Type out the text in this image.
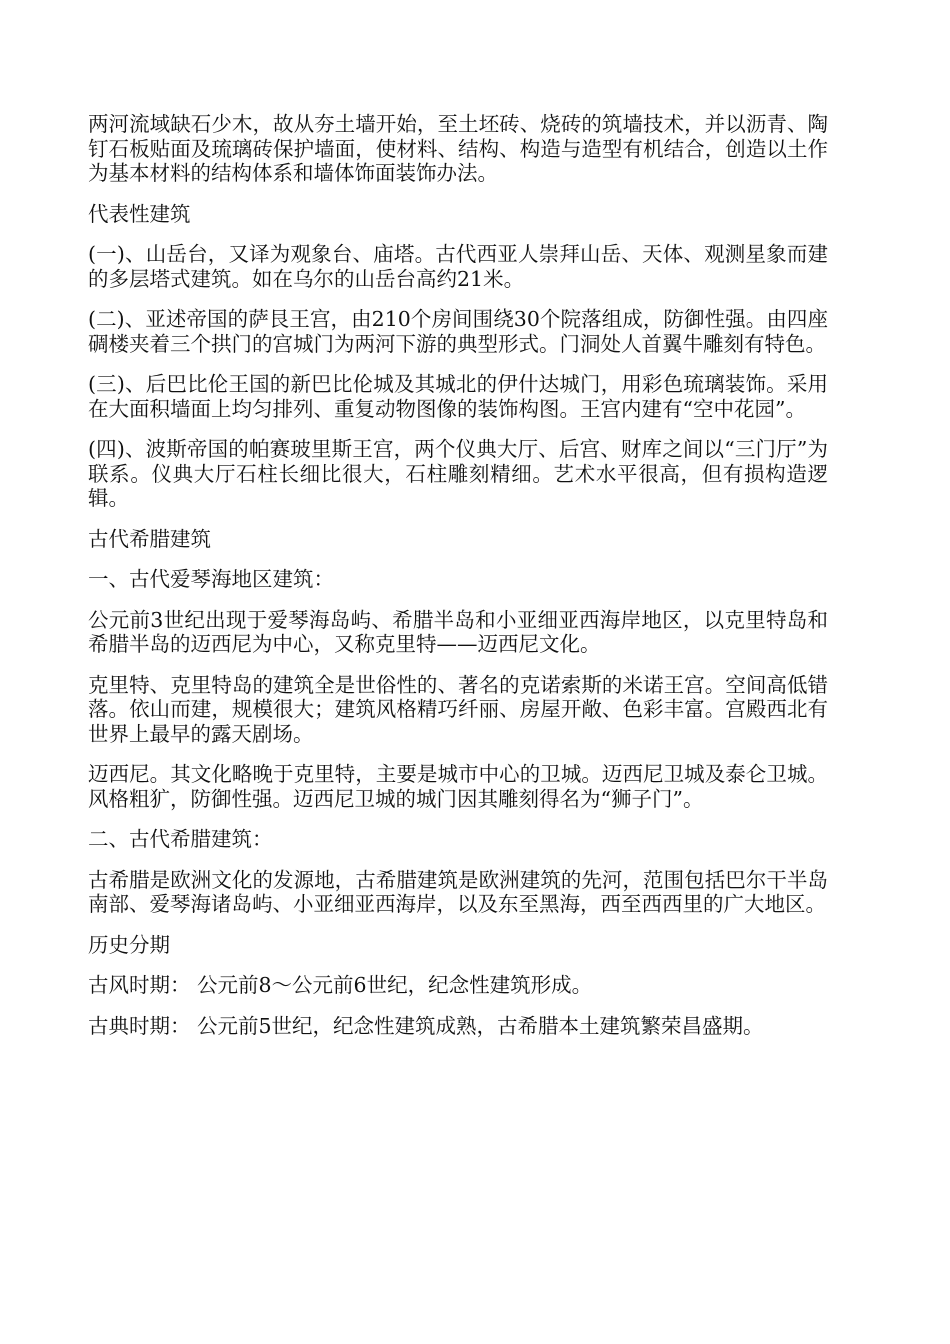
两河流域缺石少木，故从夯土墙开始，至土坯砖、烧砖的筑墙技术，并以沥青、陶钉石板贴面及琉璃砖保护墙面，使材料、结构、构造与造型有机结合，创造以土作为基本材料的结构体系和墙体饰面装饰办法。

代表性建筑

(一)、山岳台，又译为观象台、庙塔。古代西亚人崇拜山岳、天体、观测星象而建的多层塔式建筑。如在乌尔的山岳台高约21米。

(二)、亚述帝国的萨艮王宫，由210个房间围绕30个院落组成，防御性强。由四座碉楼夹着三个拱门的宫城门为两河下游的典型形式。门洞处人首翼牛雕刻有特色。

(三)、后巴比伦王国的新巴比伦城及其城北的伊什达城门，用彩色琉璃装饰。采用在大面积墙面上均匀排列、重复动物图像的装饰构图。王宫内建有“空中花园”。

(四)、波斯帝国的帕赛玻里斯王宫，两个仪典大厅、后宫、财库之间以“三门厅”为联系。仪典大厅石柱长细比很大，石柱雕刻精细。艺术水平很高，但有损构造逻辑。

古代希腊建筑

一、古代爱琴海地区建筑：

公元前3世纪出现于爱琴海岛屿、希腊半岛和小亚细亚西海岸地区，以克里特岛和希腊半岛的迈西尼为中心，又称克里特——迈西尼文化。

克里特、克里特岛的建筑全是世俗性的、著名的克诺索斯的米诺王宫。空间高低错落。依山而建，规模很大；建筑风格精巧纤丽、房屋开敞、色彩丰富。宫殿西北有世界上最早的露天剧场。

迈西尼。其文化略晚于克里特，主要是城市中心的卫城。迈西尼卫城及泰仑卫城。风格粗犷，防御性强。迈西尼卫城的城门因其雕刻得名为“狮子门”。

二、古代希腊建筑：

古希腊是欧洲文化的发源地，古希腊建筑是欧洲建筑的先河，范围包括巴尔干半岛南部、爱琴海诸岛屿、小亚细亚西海岸，以及东至黑海，西至西西里的广大地区。

历史分期

古风时期： 公元前8～公元前6世纪，纪念性建筑形成。

古典时期： 公元前5世纪，纪念性建筑成熟，古希腊本土建筑繁荣昌盛期。
